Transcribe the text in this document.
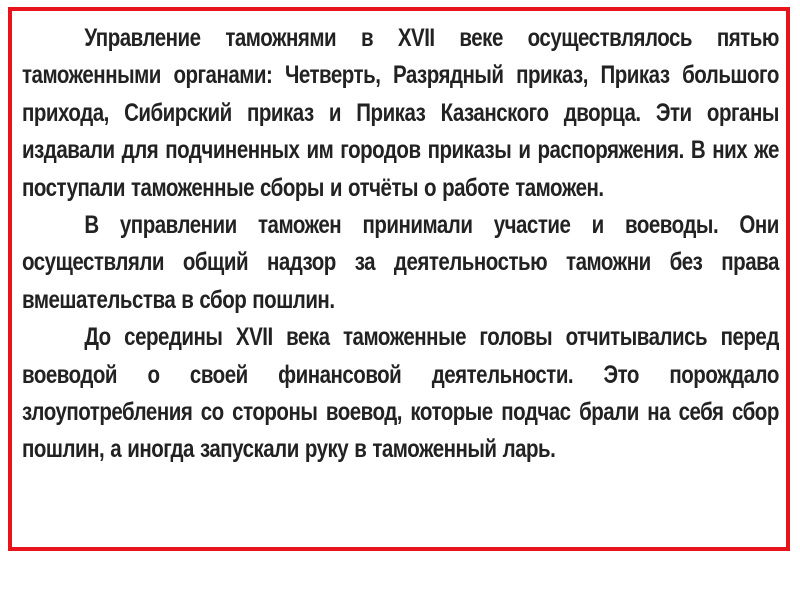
Управление таможнями в XVII веке осуществлялось пятью таможенными органами: Четверть, Разрядный приказ, Приказ большого прихода, Сибирский приказ и Приказ Казанского дворца. Эти органы издавали для подчиненных им городов приказы и распоряжения. В них же поступали таможенные сборы и отчёты о работе таможен.

В управлении таможен принимали участие и воеводы. Они осуществляли общий надзор за деятельностью таможни без права вмешательства в сбор пошлин.

До середины XVII века таможенные головы отчитывались перед воеводой о своей финансовой деятельности. Это порождало злоупотребления со стороны воевод, которые подчас брали на себя сбор пошлин, а иногда запускали руку в таможенный ларь.
